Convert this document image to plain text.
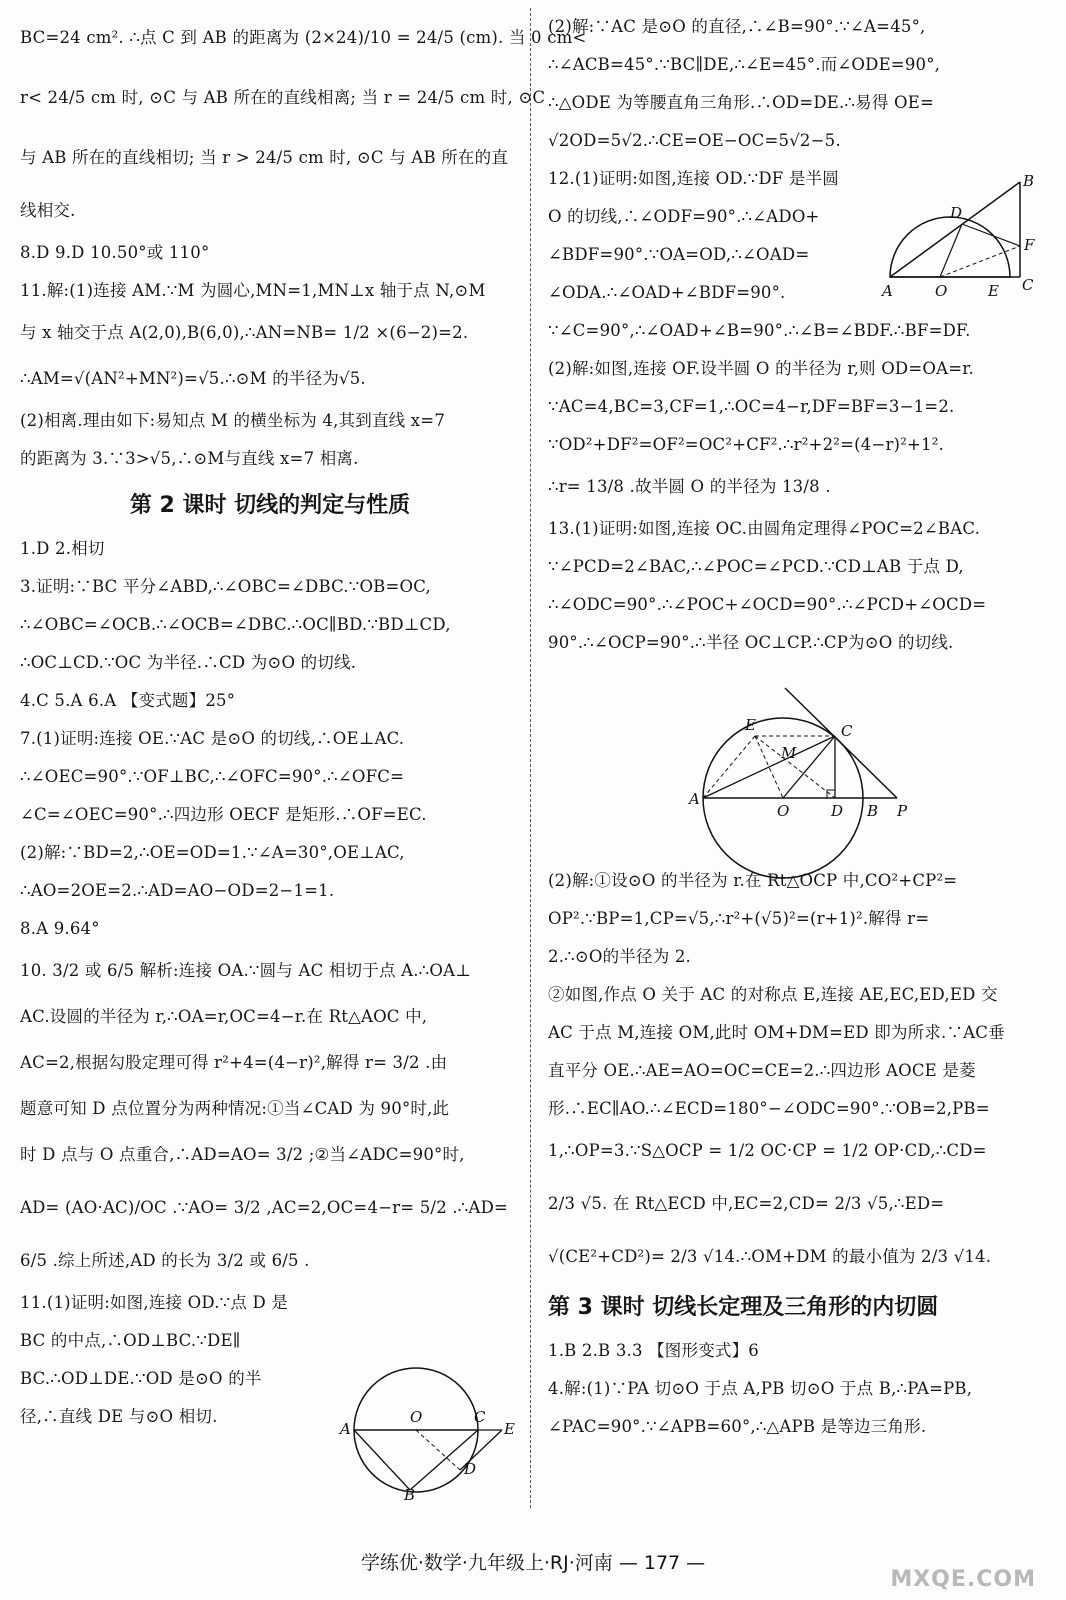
BC=24 cm². ∴点 C 到 AB 的距离为 (2×24)/10 = 24/5 (cm). 当 0 cm<

r< 24/5 cm 时, ⊙C 与 AB 所在的直线相离; 当 r = 24/5 cm 时, ⊙C

与 AB 所在的直线相切; 当 r > 24/5 cm 时, ⊙C 与 AB 所在的直

线相交.

8.D 9.D 10.50°或 110°

11.解:(1)连接 AM.∵M 为圆心,MN=1,MN⊥x 轴于点 N,⊙M

与 x 轴交于点 A(2,0),B(6,0),∴AN=NB= 1/2 ×(6−2)=2.

∴AM=√(AN²+MN²)=√5.∴⊙M 的半径为√5.

(2)相离.理由如下:易知点 M 的横坐标为 4,其到直线 x=7

的距离为 3.∵3>√5,∴⊙M与直线 x=7 相离.

第 2 课时 切线的判定与性质

1.D 2.相切

3.证明:∵BC 平分∠ABD,∴∠OBC=∠DBC.∵OB=OC,

∴∠OBC=∠OCB.∴∠OCB=∠DBC.∴OC∥BD.∵BD⊥CD,

∴OC⊥CD.∵OC 为半径.∴CD 为⊙O 的切线.

4.C 5.A 6.A 【变式题】25°

7.(1)证明:连接 OE.∵AC 是⊙O 的切线,∴OE⊥AC.

∴∠OEC=90°.∵OF⊥BC,∴∠OFC=90°.∴∠OFC=

∠C=∠OEC=90°.∴四边形 OECF 是矩形.∴OF=EC.

(2)解:∵BD=2,∴OE=OD=1.∵∠A=30°,OE⊥AC,

∴AO=2OE=2.∴AD=AO−OD=2−1=1.

8.A 9.64°

10. 3/2 或 6/5 解析:连接 OA.∵圆与 AC 相切于点 A.∴OA⊥

AC.设圆的半径为 r,∴OA=r,OC=4−r.在 Rt△AOC 中,

AC=2,根据勾股定理可得 r²+4=(4−r)²,解得 r= 3/2 .由

题意可知 D 点位置分为两种情况:①当∠CAD 为 90°时,此

时 D 点与 O 点重合,∴AD=AO= 3/2 ;②当∠ADC=90°时,

AD= (AO·AC)/OC .∵AO= 3/2 ,AC=2,OC=4−r= 5/2 .∴AD=

6/5 .综上所述,AD 的长为 3/2 或 6/5 .

11.(1)证明:如图,连接 OD.∵点 D 是

BC 的中点,∴OD⊥BC.∵DE∥

BC.∴OD⊥DE.∵OD 是⊙O 的半

径,∴直线 DE 与⊙O 相切.

(2)解:∵AC 是⊙O 的直径,∴∠B=90°.∵∠A=45°,

∴∠ACB=45°.∵BC∥DE,∴∠E=45°.而∠ODE=90°,

∴△ODE 为等腰直角三角形.∴OD=DE.∴易得 OE=

√2OD=5√2.∴CE=OE−OC=5√2−5.

12.(1)证明:如图,连接 OD.∵DF 是半圆

O 的切线,∴∠ODF=90°.∴∠ADO+

∠BDF=90°.∵OA=OD,∴∠OAD=

∠ODA.∴∠OAD+∠BDF=90°.

∵∠C=90°,∴∠OAD+∠B=90°.∴∠B=∠BDF.∴BF=DF.

(2)解:如图,连接 OF.设半圆 O 的半径为 r,则 OD=OA=r.

∵AC=4,BC=3,CF=1,∴OC=4−r,DF=BF=3−1=2.

∵OD²+DF²=OF²=OC²+CF².∴r²+2²=(4−r)²+1².

∴r= 13/8 .故半圆 O 的半径为 13/8 .

13.(1)证明:如图,连接 OC.由圆角定理得∠POC=2∠BAC.

∵∠PCD=2∠BAC,∴∠POC=∠PCD.∵CD⊥AB 于点 D,

∴∠ODC=90°.∴∠POC+∠OCD=90°.∴∠PCD+∠OCD=

90°.∴∠OCP=90°.∴半径 OC⊥CP.∴CP为⊙O 的切线.

(2)解:①设⊙O 的半径为 r.在 Rt△OCP 中,CO²+CP²=

OP².∵BP=1,CP=√5,∴r²+(√5)²=(r+1)².解得 r=

2.∴⊙O的半径为 2.

②如图,作点 O 关于 AC 的对称点 E,连接 AE,EC,ED,ED 交

AC 于点 M,连接 OM,此时 OM+DM=ED 即为所求.∵AC垂

直平分 OE.∴AE=AO=OC=CE=2.∴四边形 AOCE 是菱

形.∴EC∥AO.∴∠ECD=180°−∠ODC=90°.∵OB=2,PB=

1,∴OP=3.∵S△OCP = 1/2 OC·CP = 1/2 OP·CD,∴CD=

2/3 √5. 在 Rt△ECD 中,EC=2,CD= 2/3 √5,∴ED=

√(CE²+CD²)= 2/3 √14.∴OM+DM 的最小值为 2/3 √14.

第 3 课时 切线长定理及三角形的内切圆

1.B 2.B 3.3 【图形变式】6

4.解:(1)∵PA 切⊙O 于点 A,PB 切⊙O 于点 B,∴PA=PB,

∠PAC=90°.∵∠APB=60°,∴△APB 是等边三角形.

A	O	E C
B
F
D
E
M
C
A
O	D B P
O
A
C
E
D
B
学练优·数学·九年级上·RJ·河南 — 177 —
MXQE.COM
